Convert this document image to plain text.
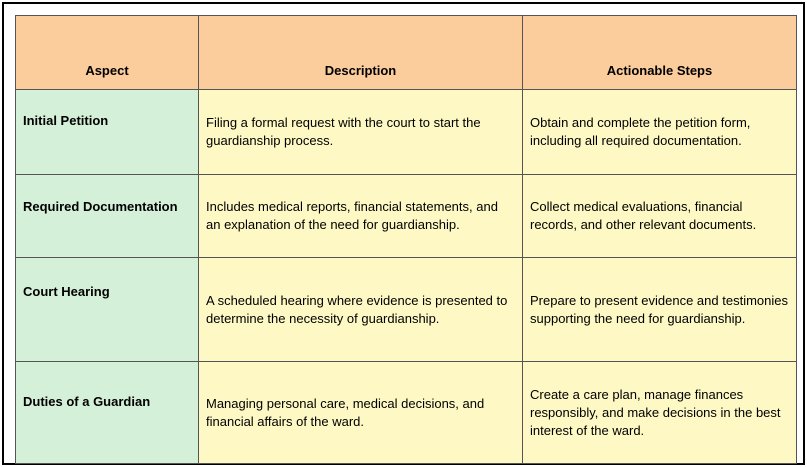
Aspect	Description	Actionable Steps
Initial Petition	Filing a formal request with the court to start the guardianship process.	Obtain and complete the petition form, including all required documentation.

Required Documentation	Includes medical reports, financial statements, and an explanation of the need for guardianship.	Collect medical evaluations, financial records, and other relevant documents.

Court Hearing	A scheduled hearing where evidence is presented to determine the necessity of guardianship.	Prepare to present evidence and testimonies supporting the need for guardianship.

Duties of a Guardian	Managing personal care, medical decisions, and financial affairs of the ward.	Create a care plan, manage finances responsibly, and make decisions in the best interest of the ward.
